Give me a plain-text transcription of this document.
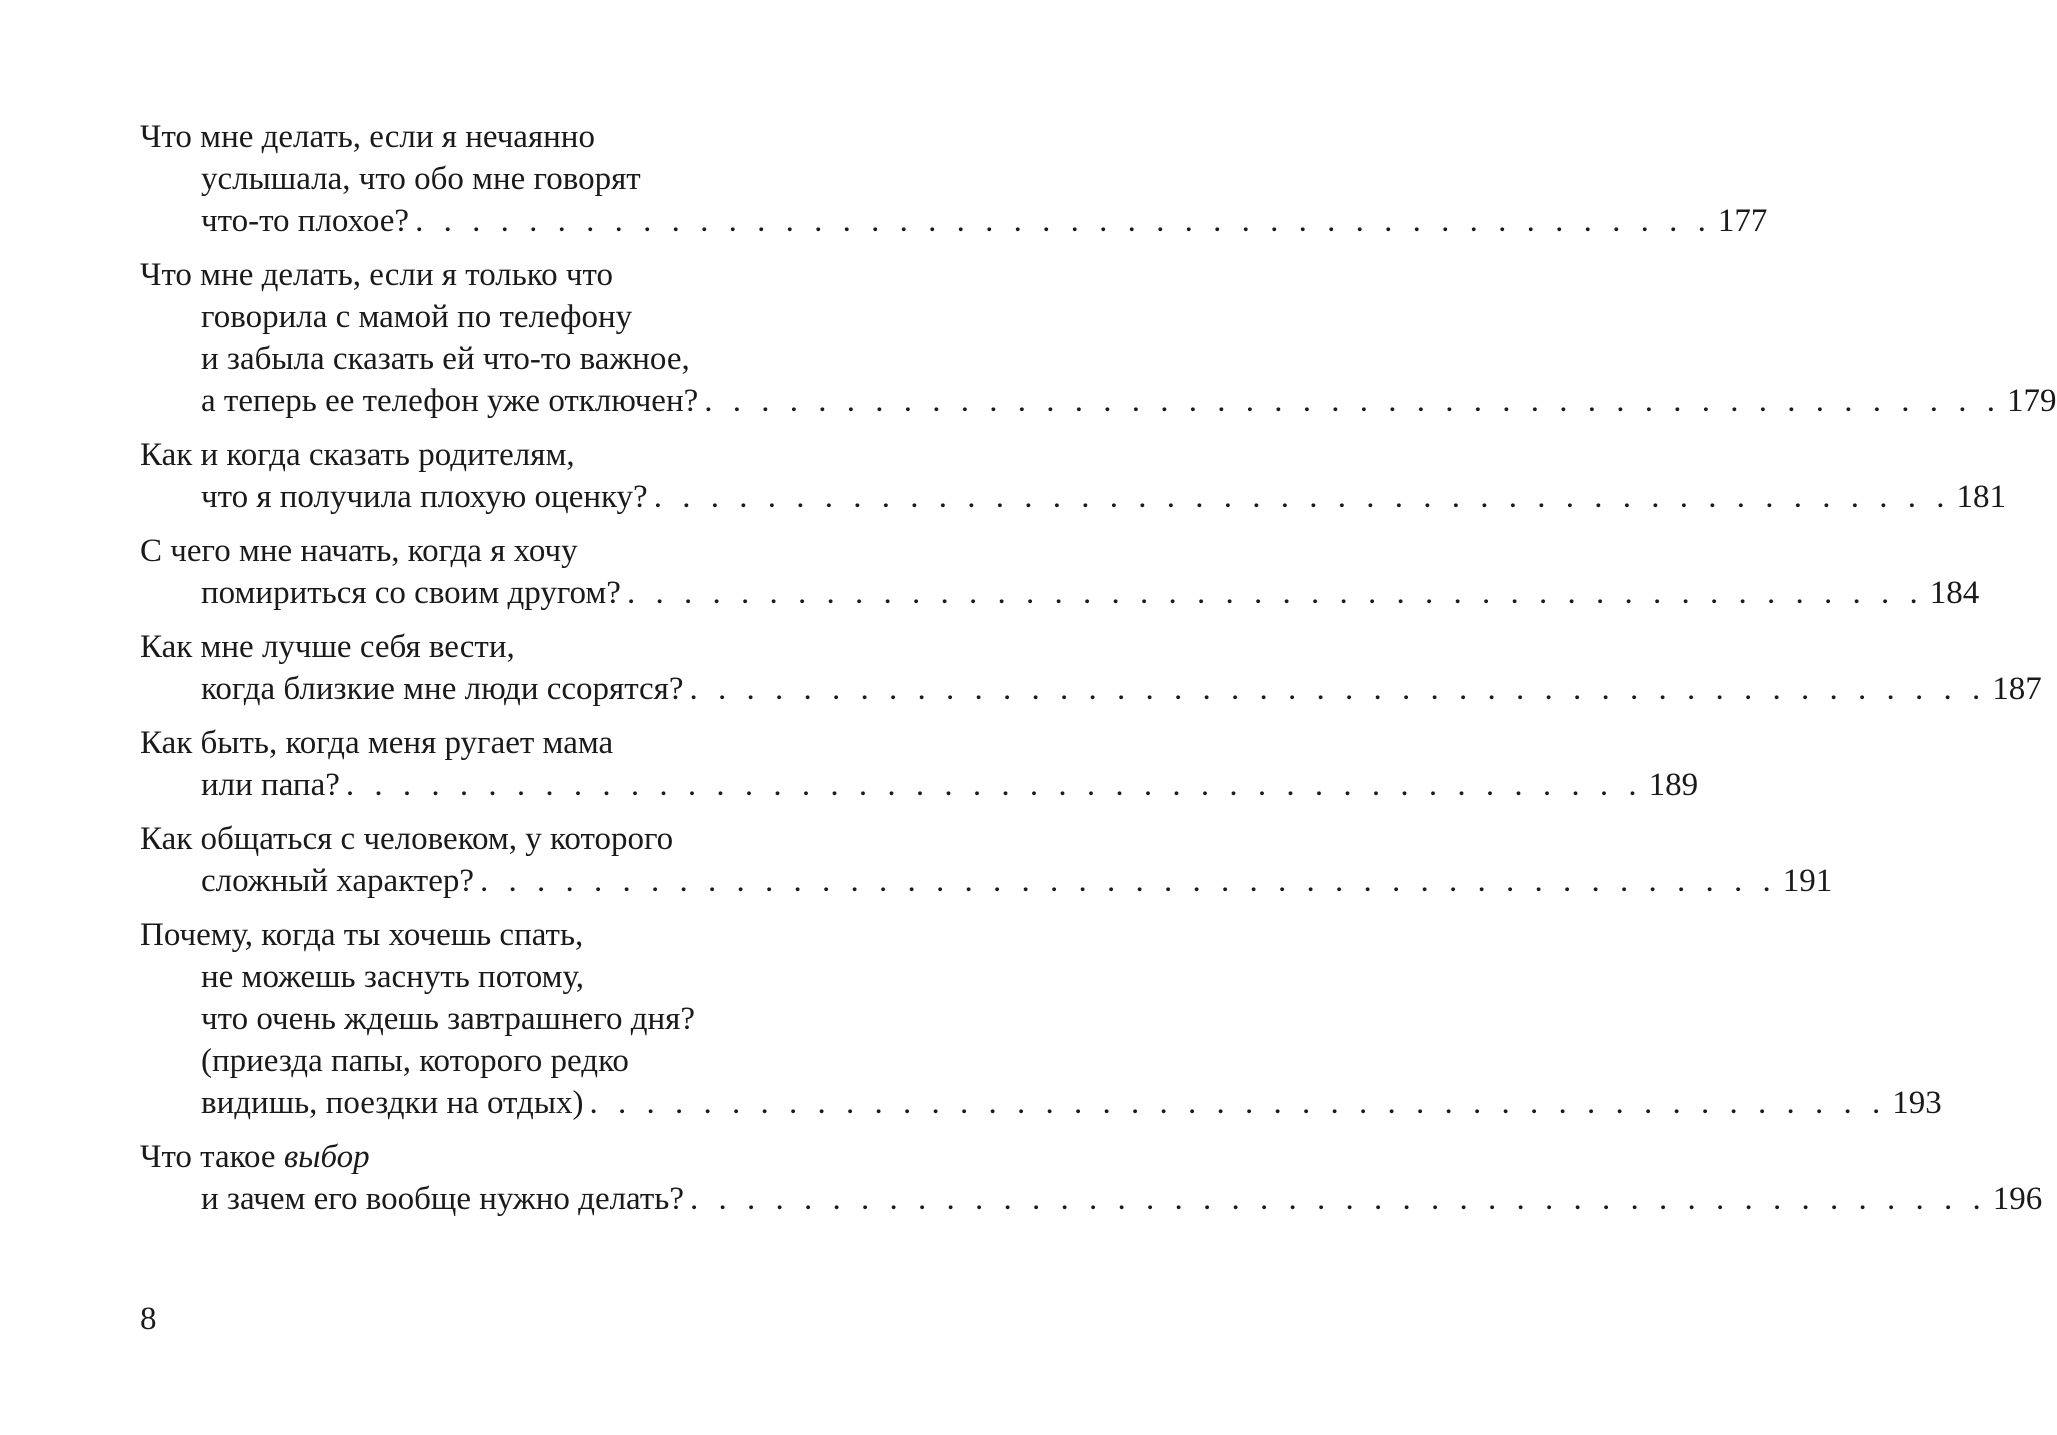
Что мне делать, если я нечаянно
услышала, что обо мне говорят
что-то плохое? . . . . . . . . . . . . . . . . . . . . . . . . . . . . . . . . . . . . . . . . . . . . . . 177
Что мне делать, если я только что
говорила с мамой по телефону
и забыла сказать ей что-то важное,
а теперь ее телефон уже отключен? . . . . . . . . . . . . . . . . . . . . . . . . . . . . . . . . . . . . . . . . . . . . . . 179
Как и когда сказать родителям,
что я получила плохую оценку? . . . . . . . . . . . . . . . . . . . . . . . . . . . . . . . . . . . . . . . . . . . . . . 181
С чего мне начать, когда я хочу
помириться со своим другом? . . . . . . . . . . . . . . . . . . . . . . . . . . . . . . . . . . . . . . . . . . . . . . 184
Как мне лучше себя вести,
когда близкие мне люди ссорятся? . . . . . . . . . . . . . . . . . . . . . . . . . . . . . . . . . . . . . . . . . . . . . . 187
Как быть, когда меня ругает мама
или папа? . . . . . . . . . . . . . . . . . . . . . . . . . . . . . . . . . . . . . . . . . . . . . . 189
Как общаться с человеком, у которого
сложный характер? . . . . . . . . . . . . . . . . . . . . . . . . . . . . . . . . . . . . . . . . . . . . . . 191
Почему, когда ты хочешь спать,
не можешь заснуть потому,
что очень ждешь завтрашнего дня?
(приезда папы, которого редко
видишь, поездки на отдых) . . . . . . . . . . . . . . . . . . . . . . . . . . . . . . . . . . . . . . . . . . . . . . 193
Что такое выбор
и зачем его вообще нужно делать? . . . . . . . . . . . . . . . . . . . . . . . . . . . . . . . . . . . . . . . . . . . . . . 196
8
